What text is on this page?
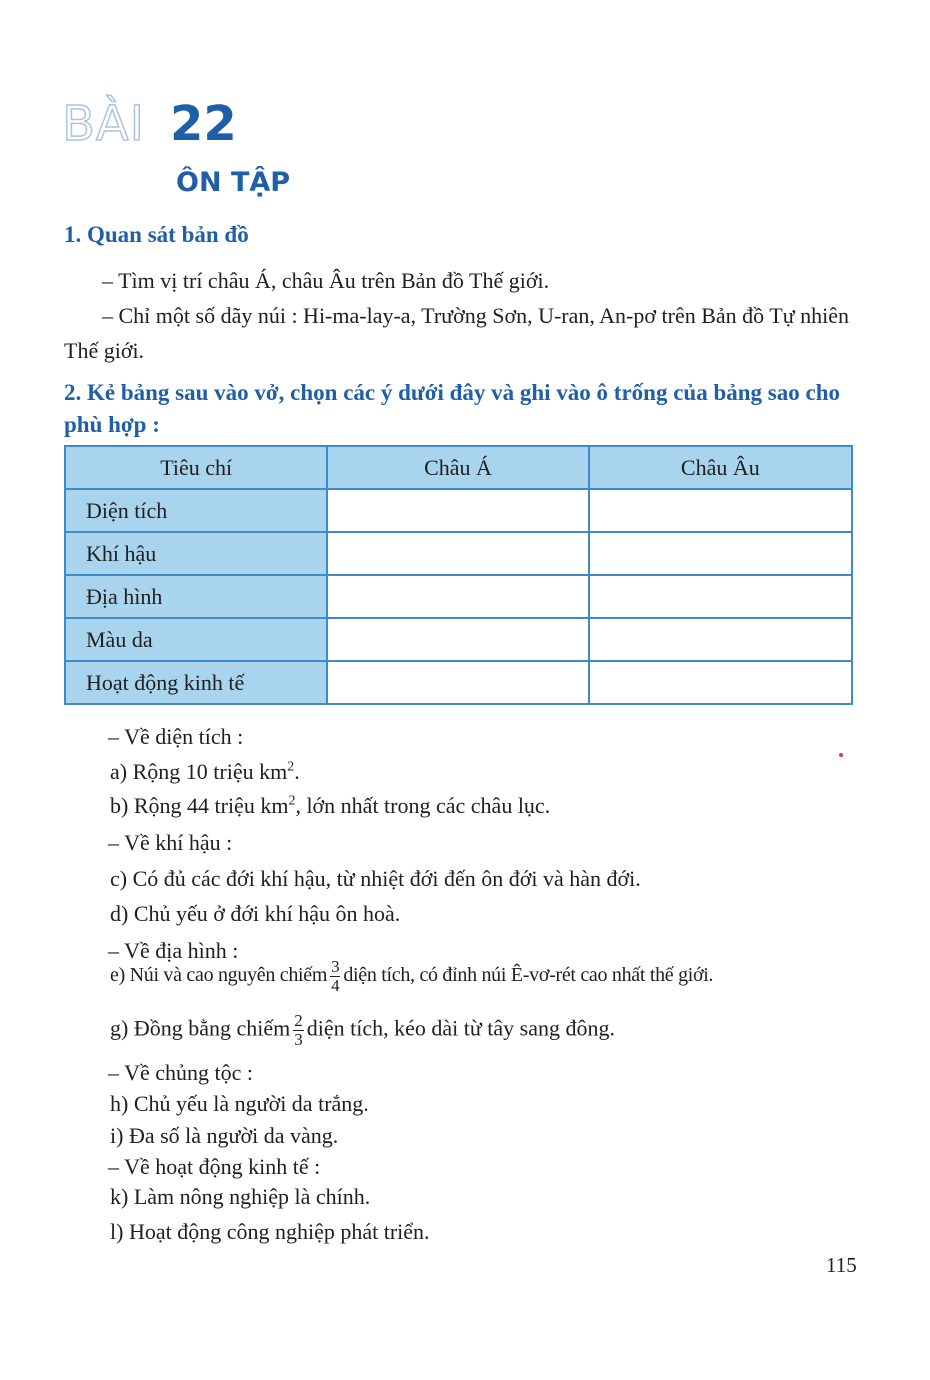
BÀI 22
ÔN TẬP
1. Quan sát bản đồ
– Tìm vị trí châu Á, châu Âu trên Bản đồ Thế giới.
– Chỉ một số dãy núi : Hi-ma-lay-a, Trường Sơn, U-ran, An-pơ trên Bản đồ Tự nhiên Thế giới.
2. Kẻ bảng sau vào vở, chọn các ý dưới đây và ghi vào ô trống của bảng sao cho phù hợp :
Tiêu chí	Châu Á	Châu Âu
Diện tích		
Khí hậu		
Địa hình		
Màu da		
Hoạt động kinh tế		
– Về diện tích :
a) Rộng 10 triệu $km^2$.
b) Rộng 44 triệu $km^2$, lớn nhất trong các châu lục.
– Về khí hậu :
c) Có đủ các đới khí hậu, từ nhiệt đới đến ôn đới và hàn đới.
d) Chủ yếu ở đới khí hậu ôn hoà.
– Về địa hình :
e) Núi và cao nguyên chiếm $\frac{3}{4}$ diện tích, có đỉnh núi Ê-vơ-rét cao nhất thế giới.
g) Đồng bằng chiếm $\frac{2}{3}$ diện tích, kéo dài từ tây sang đông.
– Về chủng tộc :
h) Chủ yếu là người da trắng.
i) Đa số là người da vàng.
– Về hoạt động kinh tế :
k) Làm nông nghiệp là chính.
l) Hoạt động công nghiệp phát triển.
115
